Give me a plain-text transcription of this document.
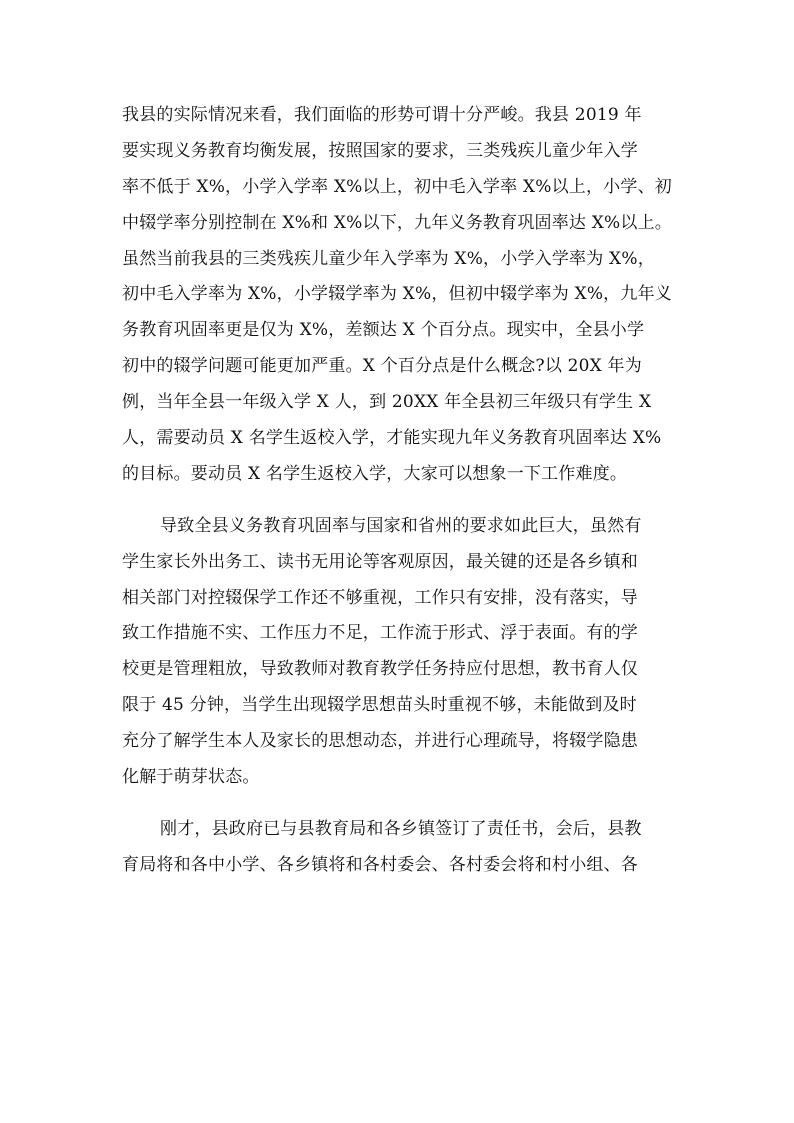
我县的实际情况来看，我们面临的形势可谓十分严峻。我县 2019 年
要实现义务教育均衡发展，按照国家的要求，三类残疾儿童少年入学
率不低于 X%，小学入学率 X%以上，初中毛入学率 X%以上，小学、初
中辍学率分别控制在 X%和 X%以下，九年义务教育巩固率达 X%以上。
虽然当前我县的三类残疾儿童少年入学率为 X%，小学入学率为 X%，
初中毛入学率为 X%，小学辍学率为 X%，但初中辍学率为 X%，九年义
务教育巩固率更是仅为 X%，差额达 X 个百分点。现实中，全县小学
初中的辍学问题可能更加严重。X 个百分点是什么概念?以 20X 年为
例，当年全县一年级入学 X 人，到 20XX 年全县初三年级只有学生 X
人，需要动员 X 名学生返校入学，才能实现九年义务教育巩固率达 X%
的目标。要动员 X 名学生返校入学，大家可以想象一下工作难度。
导致全县义务教育巩固率与国家和省州的要求如此巨大，虽然有
学生家长外出务工、读书无用论等客观原因，最关键的还是各乡镇和
相关部门对控辍保学工作还不够重视，工作只有安排，没有落实，导
致工作措施不实、工作压力不足，工作流于形式、浮于表面。有的学
校更是管理粗放，导致教师对教育教学任务持应付思想，教书育人仅
限于 45 分钟，当学生出现辍学思想苗头时重视不够，未能做到及时
充分了解学生本人及家长的思想动态，并进行心理疏导，将辍学隐患
化解于萌芽状态。
刚才，县政府已与县教育局和各乡镇签订了责任书，会后，县教
育局将和各中小学、各乡镇将和各村委会、各村委会将和村小组、各
